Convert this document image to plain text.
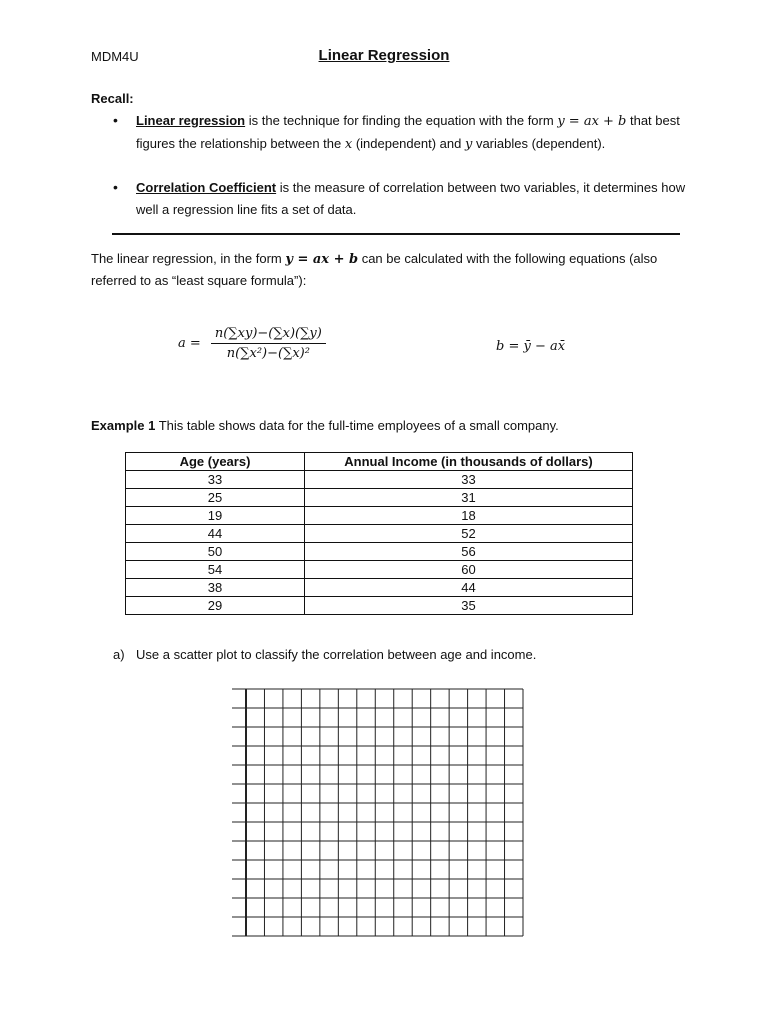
MDM4U	Linear Regression
Recall:
• Linear regression is the technique for finding the equation with the form y = ax + b that best figures the relationship between the x (independent) and y variables (dependent).
• Correlation Coefficient is the measure of correlation between two variables, it determines how well a regression line fits a set of data.
The linear regression, in the form y = ax + b can be calculated with the following equations (also referred to as “least square formula”):
$a = \frac{n(\sum xy)-(\sum x)(\sum y)}{\text{n(∑x²)−(∑x)²}}$	b = ȳ − ax̄
Example 1 This table shows data for the full-time employees of a small company.
Age (years)	Annual Income (in thousands of dollars)
33	33
25	31
19	18
44	52
50	56
54	60
38	44
29	35
a) Use a scatter plot to classify the correlation between age and income.
